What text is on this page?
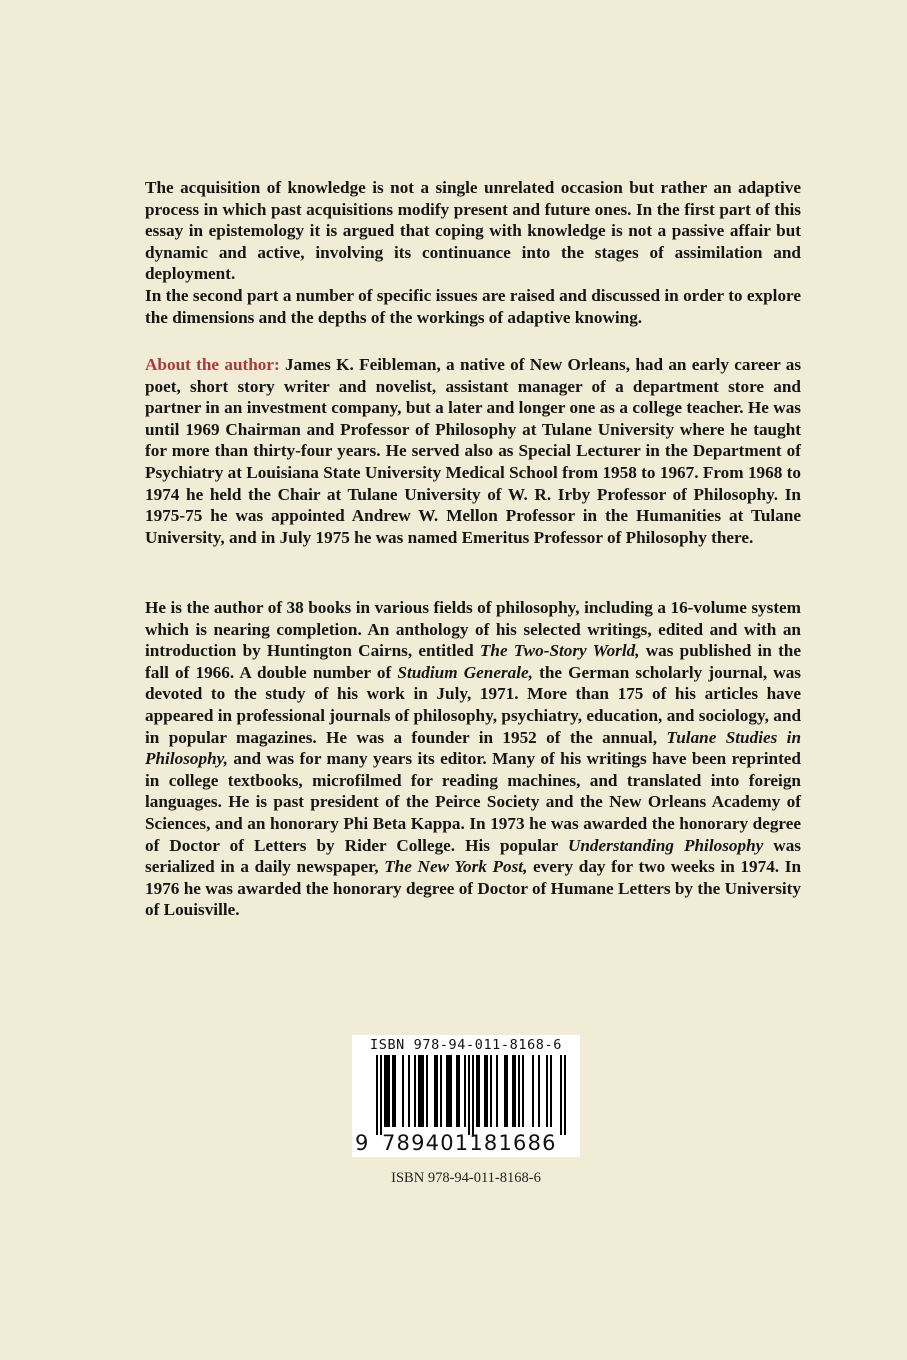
The acquisition of knowledge is not a single unrelated occasion but rather an adaptive process in which past acquisitions modify present and future ones. In the first part of this essay in epistemology it is argued that coping with knowledge is not a passive affair but dynamic and active, involving its continuance into the stages of assimilation and deployment.

In the second part a number of specific issues are raised and discussed in order to explore the dimensions and the depths of the workings of adaptive knowing.

About the author: James K. Feibleman, a native of New Orleans, had an early career as poet, short story writer and novelist, assistant manager of a department store and partner in an investment company, but a later and longer one as a college teacher. He was until 1969 Chairman and Professor of Philosophy at Tulane University where he taught for more than thirty-four years. He served also as Special Lecturer in the Department of Psychiatry at Louisiana State University Medical School from 1958 to 1967. From 1968 to 1974 he held the Chair at Tulane University of W. R. Irby Professor of Philosophy. In 1975-75 he was appointed Andrew W. Mellon Professor in the Humanities at Tulane University, and in July 1975 he was named Emeritus Professor of Philosophy there.

He is the author of 38 books in various fields of philosophy, including a 16-volume system which is nearing completion. An anthology of his selected writings, edited and with an introduction by Huntington Cairns, entitled The Two-Story World, was published in the fall of 1966. A double number of Studium Generale, the German scholarly journal, was devoted to the study of his work in July, 1971. More than 175 of his articles have appeared in professional journals of philosophy, psychiatry, education, and sociology, and in popular magazines. He was a founder in 1952 of the annual, Tulane Studies in Philosophy, and was for many years its editor. Many of his writings have been reprinted in college textbooks, microfilmed for reading machines, and translated into foreign languages. He is past president of the Peirce Society and the New Orleans Academy of Sciences, and an honorary Phi Beta Kappa. In 1973 he was awarded the honorary degree of Doctor of Letters by Rider College. His popular Understanding Philosophy was serialized in a daily newspaper, The New York Post, every day for two weeks in 1974. In 1976 he was awarded the honorary degree of Doctor of Humane Letters by the University of Louisville.

ISBN 978-94-011-8168-6
9 789401181686
ISBN 978-94-011-8168-6
